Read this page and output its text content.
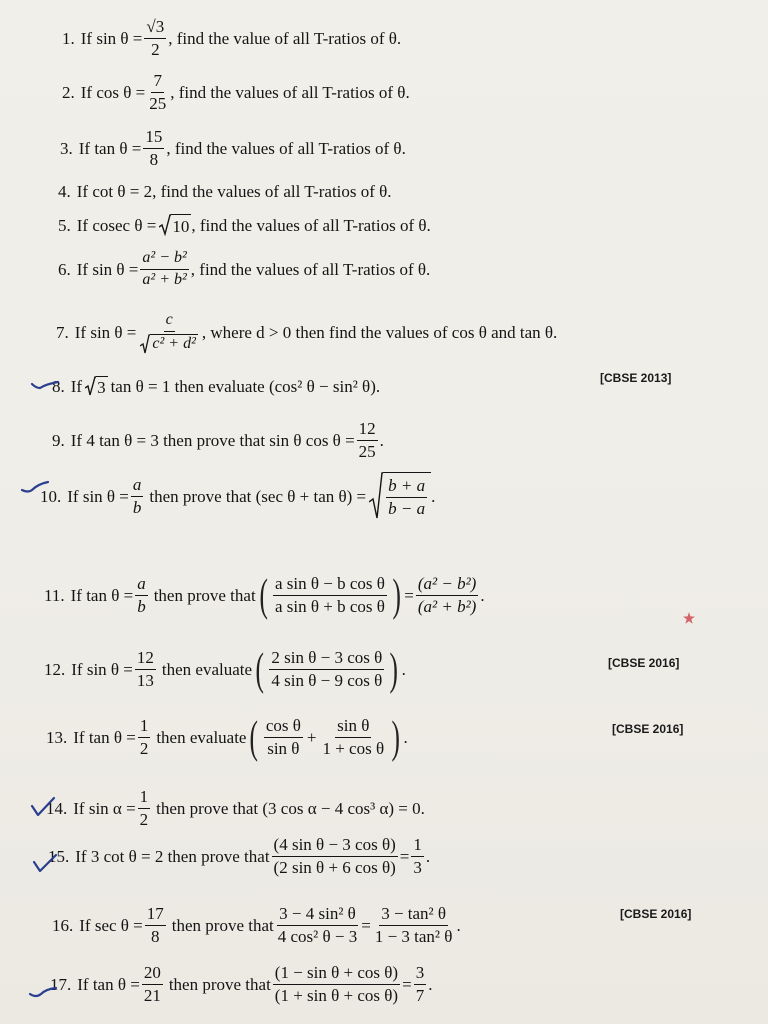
1. If $\sin \theta = \frac{√3}{2}$ , find the value of all T-ratios of θ.
2. If $\cos \theta = \frac{7}{25}$ , find the values of all T-ratios of θ.
3. If $\tan \theta = \frac{15}{8}$ , find the values of all T-ratios of θ.
4. If cot θ = 2, find the values of all T-ratios of θ.
5. If cosec θ = 10 , find the values of all T-ratios of θ.
6. If $\sin \theta = \frac{\text{a² − b²}}{\text{a² + b²}}$ , find the values of all T-ratios of θ.
7. If $\sin \theta = \frac{c}{\text{c² + d²}}$ , where d > 0 then find the values of cos θ and tan θ.
8. If 3 tan θ = 1 then evaluate (cos² θ − sin² θ).	[CBSE 2013]
9. If 4 tan θ = 3 then prove that sin θ $\cos \theta = \frac{12}{25}$ .
10. If $\sin \theta = \frac{a}{b}$ then prove that (sec $\theta + \tan \theta) = \frac{b + a}{b - a}$ .
11. If $\tan \theta = \frac{a}{b}$ then prove that ( $\frac{\text{a sin θ − b cos θ}}{\text{a sin θ + b cos θ}}$ ) = $\frac{\text{(a² − b²)}}{\text{(a² + b²)}}$ .
12. If $\sin \theta = \frac{12}{13}$ then evaluate ( $\frac{\text{2 sin θ − 3 cos θ}}{\text{4 sin θ − 9 cos θ}}$ ) .	[CBSE 2016]
13. If $\tan \theta = \frac{1}{2}$ then evaluate ( $\frac{\text{cos θ}}{\text{sin θ}} + \frac{\text{sin θ}}{\text{1 + cos θ}}$ ) .	[CBSE 2016]
14. If $\sin \alpha = \frac{1}{2}$ then prove that (3 cos α − 4 cos³ α) = 0.
15. If 3 cot θ = 2 then prove that $\frac{\text{(4 sin θ − 3 cos θ)}}{\text{(2 sin θ + 6 cos θ)}} = \frac{1}{3}$ .
16. If $\sec \theta = \frac{17}{8}$ then prove that $\frac{\text{3 − 4 sin² θ}}{\text{4 cos² θ − 3}} = \frac{\text{3 − tan² θ}}{\text{1 − 3 tan² θ}}$ .
[CBSE 2016]
17. If $\tan \theta = \frac{20}{21}$ then prove that $\frac{\text{(1 − sin θ + cos θ)}}{\text{(1 + sin θ + cos θ)}} = \frac{3}{7}$ .
